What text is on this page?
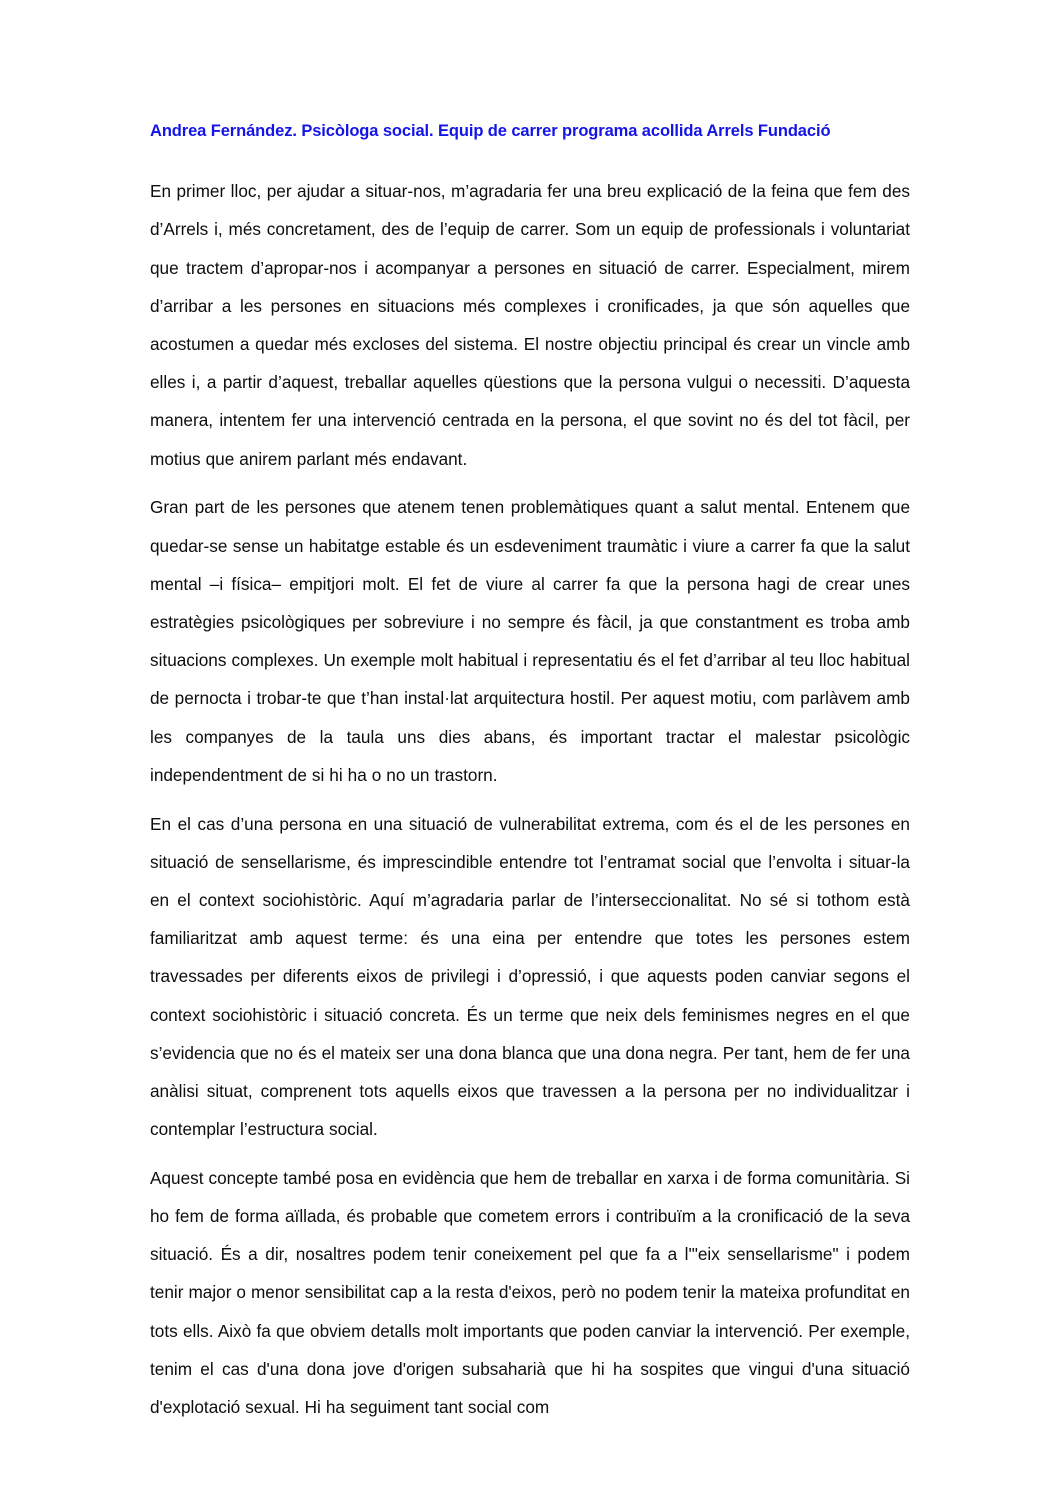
Andrea Fernández. Psicòloga social. Equip de carrer programa acollida Arrels Fundació

En primer lloc, per ajudar a situar-nos, m’agradaria fer una breu explicació de la feina que fem des d’Arrels i, més concretament, des de l’equip de carrer. Som un equip de professionals i voluntariat que tractem d’apropar-nos i acompanyar a persones en situació de carrer. Especialment, mirem d’arribar a les persones en situacions més complexes i cronificades, ja que són aquelles que acostumen a quedar més excloses del sistema. El nostre objectiu principal és crear un vincle amb elles i, a partir d’aquest, treballar aquelles qüestions que la persona vulgui o necessiti. D’aquesta manera, intentem fer una intervenció centrada en la persona, el que sovint no és del tot fàcil, per motius que anirem parlant més endavant.

Gran part de les persones que atenem tenen problemàtiques quant a salut mental. Entenem que quedar-se sense un habitatge estable és un esdeveniment traumàtic i viure a carrer fa que la salut mental –i física– empitjori molt. El fet de viure al carrer fa que la persona hagi de crear unes estratègies psicològiques per sobreviure i no sempre és fàcil, ja que constantment es troba amb situacions complexes. Un exemple molt habitual i representatiu és el fet d’arribar al teu lloc habitual de pernocta i trobar-te que t’han instal·lat arquitectura hostil. Per aquest motiu, com parlàvem amb les companyes de la taula uns dies abans, és important tractar el malestar psicològic independentment de si hi ha o no un trastorn.

En el cas d’una persona en una situació de vulnerabilitat extrema, com és el de les persones en situació de sensellarisme, és imprescindible entendre tot l’entramat social que l’envolta i situar-la en el context sociohistòric. Aquí m’agradaria parlar de l’interseccionalitat. No sé si tothom està familiaritzat amb aquest terme: és una eina per entendre que totes les persones estem travessades per diferents eixos de privilegi i d’opressió, i que aquests poden canviar segons el context sociohistòric i situació concreta. És un terme que neix dels feminismes negres en el que s’evidencia que no és el mateix ser una dona blanca que una dona negra. Per tant, hem de fer una anàlisi situat, comprenent tots aquells eixos que travessen a la persona per no individualitzar i contemplar l’estructura social.

Aquest concepte també posa en evidència que hem de treballar en xarxa i de forma comunitària. Si ho fem de forma aïllada, és probable que cometem errors i contribuïm a la cronificació de la seva situació. És a dir, nosaltres podem tenir coneixement pel que fa a l'"eix sensellarisme" i podem tenir major o menor sensibilitat cap a la resta d'eixos, però no podem tenir la mateixa profunditat en tots ells. Això fa que obviem detalls molt importants que poden canviar la intervenció. Per exemple, tenim el cas d'una dona jove d'origen subsaharià que hi ha sospites que vingui d'una situació d'explotació sexual. Hi ha seguiment tant social com
